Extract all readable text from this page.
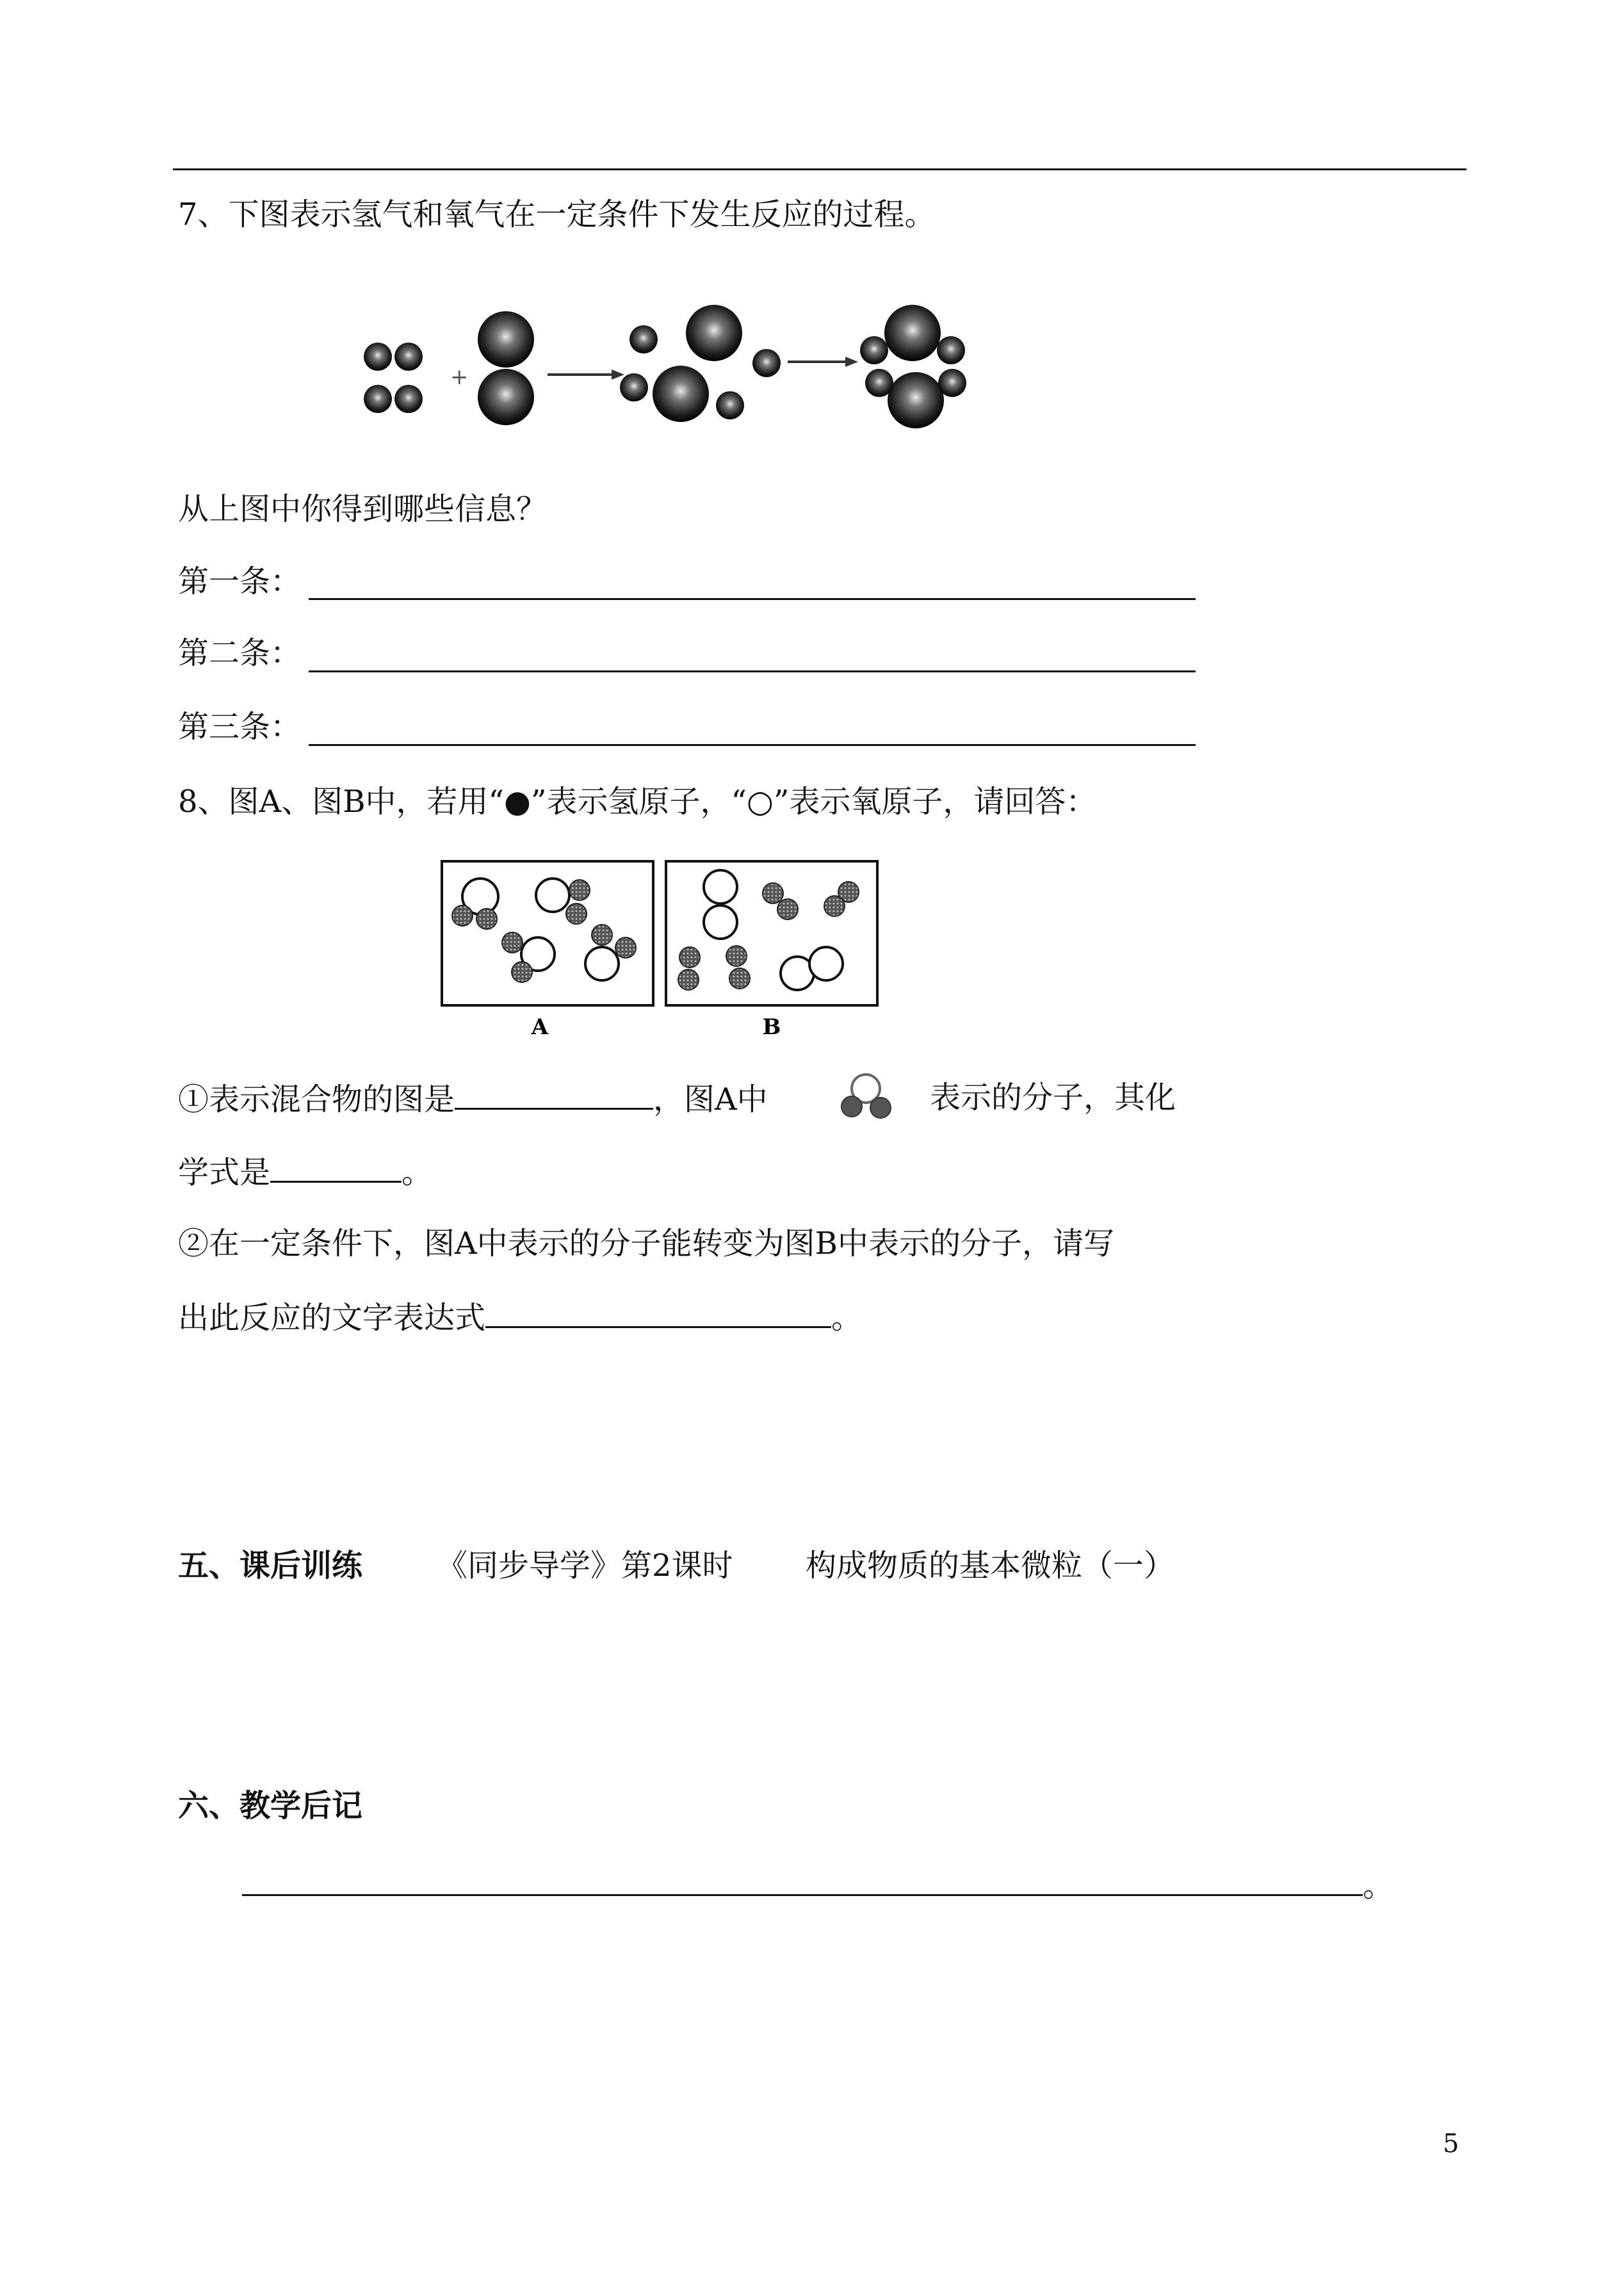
7、下图表示氢气和氧气在一定条件下发生反应的过程。
+
从上图中你得到哪些信息？
第一条：
第二条：
第三条：
8、图A、图B中，若用“●”表示氢原子，“○”表示氧原子，请回答：
A	B
①表示混合物的图是	，图A中	表示的分子，其化
学式是	。
②在一定条件下，图A中表示的分子能转变为图B中表示的分子，请写
出此反应的文字表达式	。
五、课后训练 《同步导学》第2课时 构成物质的基本微粒（一）
六、教学后记
。
5
